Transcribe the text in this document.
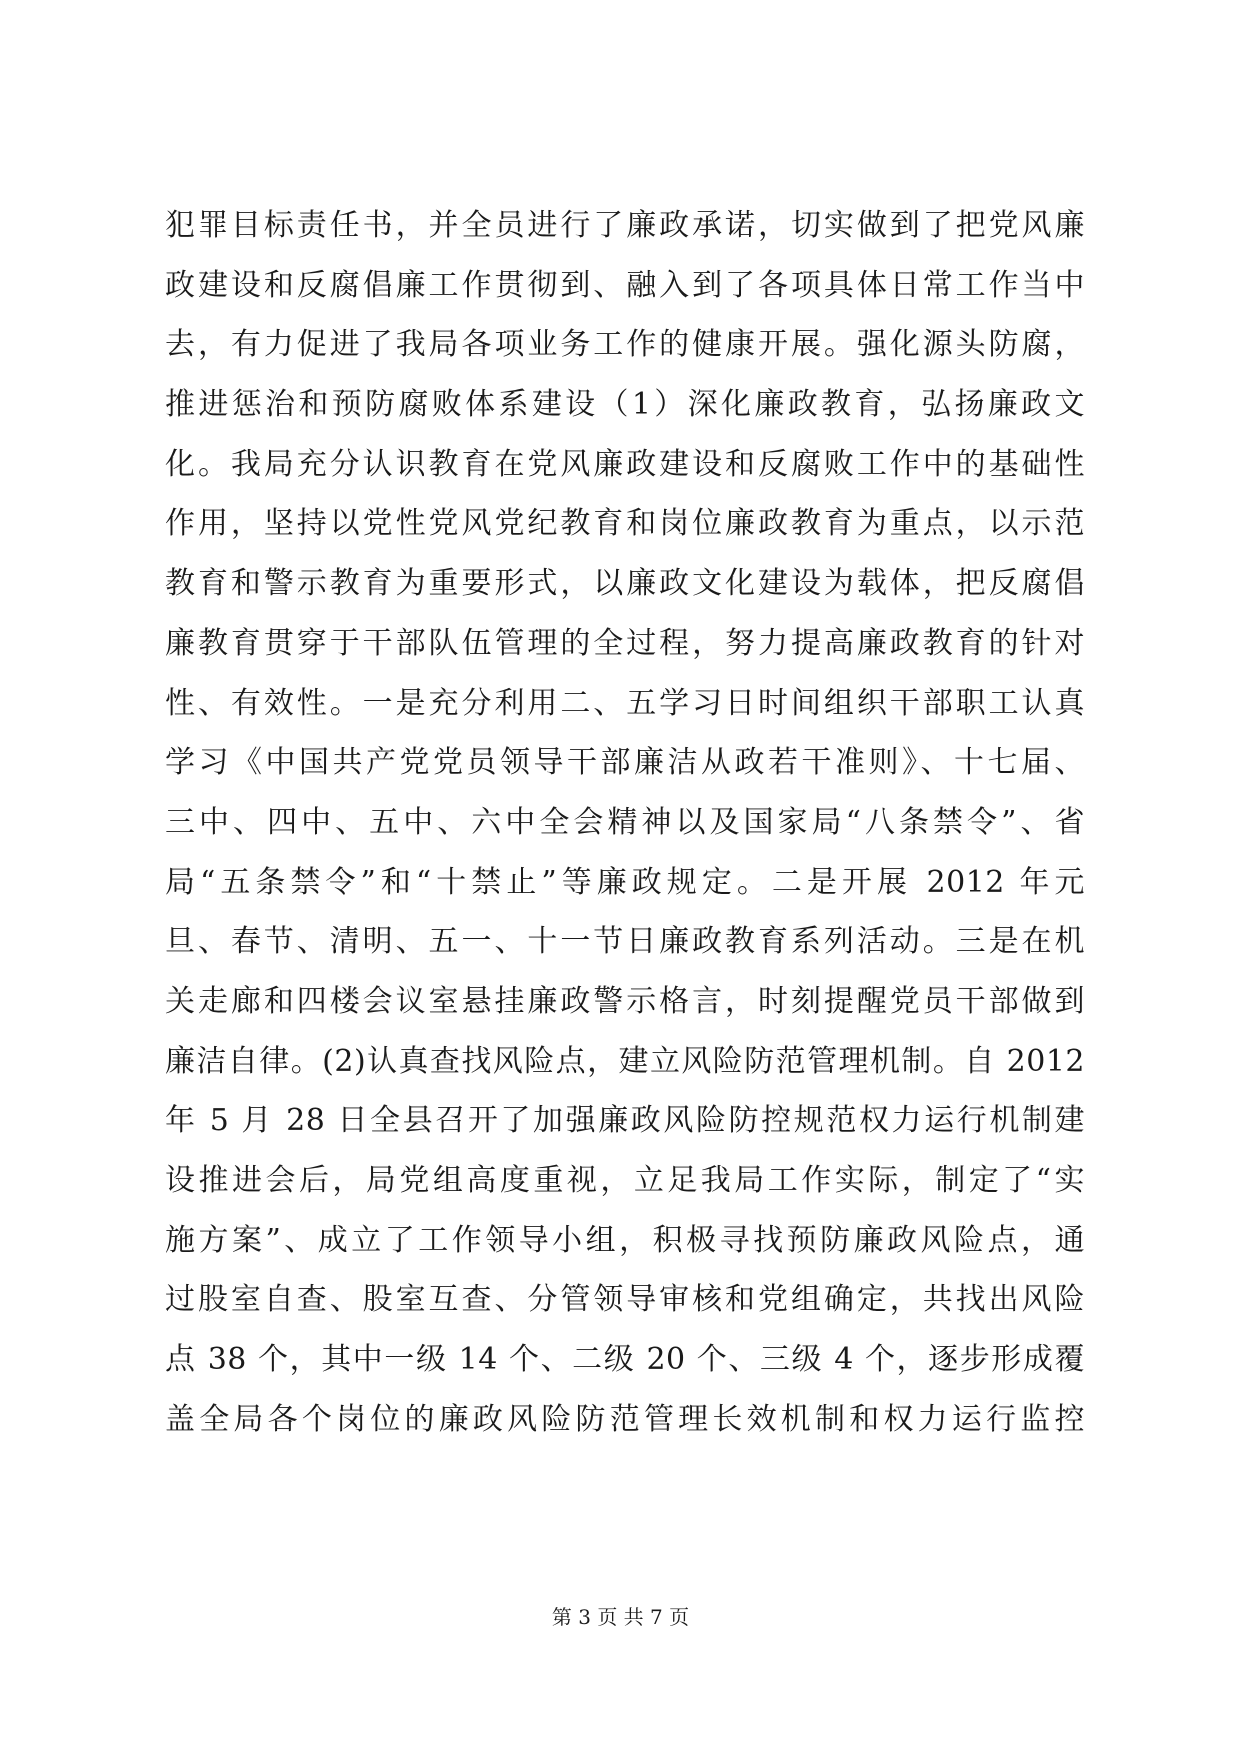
犯罪目标责任书，并全员进行了廉政承诺，切实做到了把党风廉
政建设和反腐倡廉工作贯彻到、融入到了各项具体日常工作当中
去，有力促进了我局各项业务工作的健康开展。强化源头防腐，
推进惩治和预防腐败体系建设（1）深化廉政教育，弘扬廉政文
化。我局充分认识教育在党风廉政建设和反腐败工作中的基础性
作用，坚持以党性党风党纪教育和岗位廉政教育为重点，以示范
教育和警示教育为重要形式，以廉政文化建设为载体，把反腐倡
廉教育贯穿于干部队伍管理的全过程，努力提高廉政教育的针对
性、有效性。一是充分利用二、五学习日时间组织干部职工认真
学习《中国共产党党员领导干部廉洁从政若干准则》、十七届、
三中、四中、五中、六中全会精神以及国家局“八条禁令”、省
局“五条禁令”和“十禁止”等廉政规定。二是开展 2012 年元
旦、春节、清明、五一、十一节日廉政教育系列活动。三是在机
关走廊和四楼会议室悬挂廉政警示格言，时刻提醒党员干部做到
廉洁自律。(2)认真查找风险点，建立风险防范管理机制。自 2012
年 5 月 28 日全县召开了加强廉政风险防控规范权力运行机制建
设推进会后，局党组高度重视，立足我局工作实际，制定了“实
施方案”、成立了工作领导小组，积极寻找预防廉政风险点，通
过股室自查、股室互查、分管领导审核和党组确定，共找出风险
点 38 个，其中一级 14 个、二级 20 个、三级 4 个，逐步形成覆
盖全局各个岗位的廉政风险防范管理长效机制和权力运行监控
第 3 页 共 7 页
